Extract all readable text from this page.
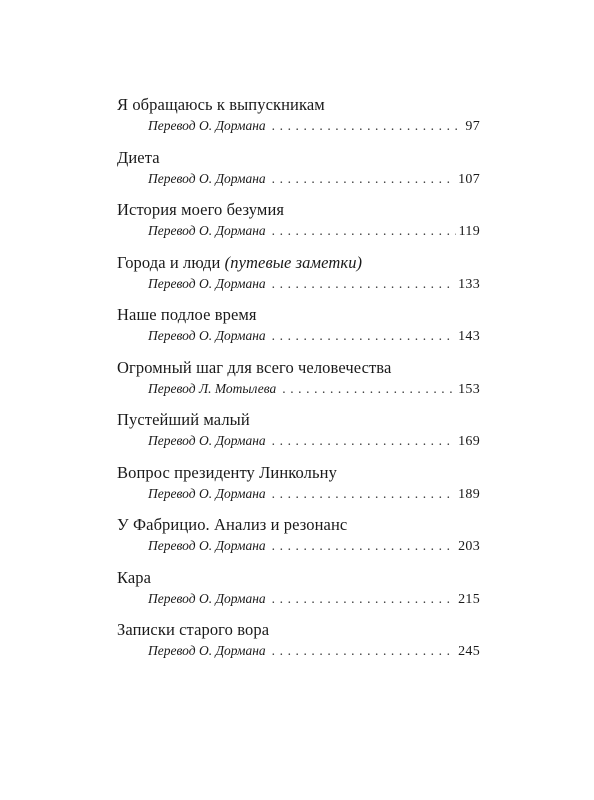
Я обращаюсь к выпускникам
Перевод О. Дормана . . .	97
Диета
Перевод О. Дормана . . .	107
История моего безумия
Перевод О. Дормана . . .	119
Города и люди (путевые заметки)
Перевод О. Дормана . . .	133
Наше подлое время
Перевод О. Дормана . . .	143
Огромный шаг для всего человечества
Перевод Л. Мотылева . . .	153
Пустейший малый
Перевод О. Дормана . . .	169
Вопрос президенту Линкольну
Перевод О. Дормана . . .	189
У Фабрицио. Анализ и резонанс
Перевод О. Дормана . . .	203
Кара
Перевод О. Дормана . . .	215
Записки старого вора
Перевод О. Дормана . . .	245
